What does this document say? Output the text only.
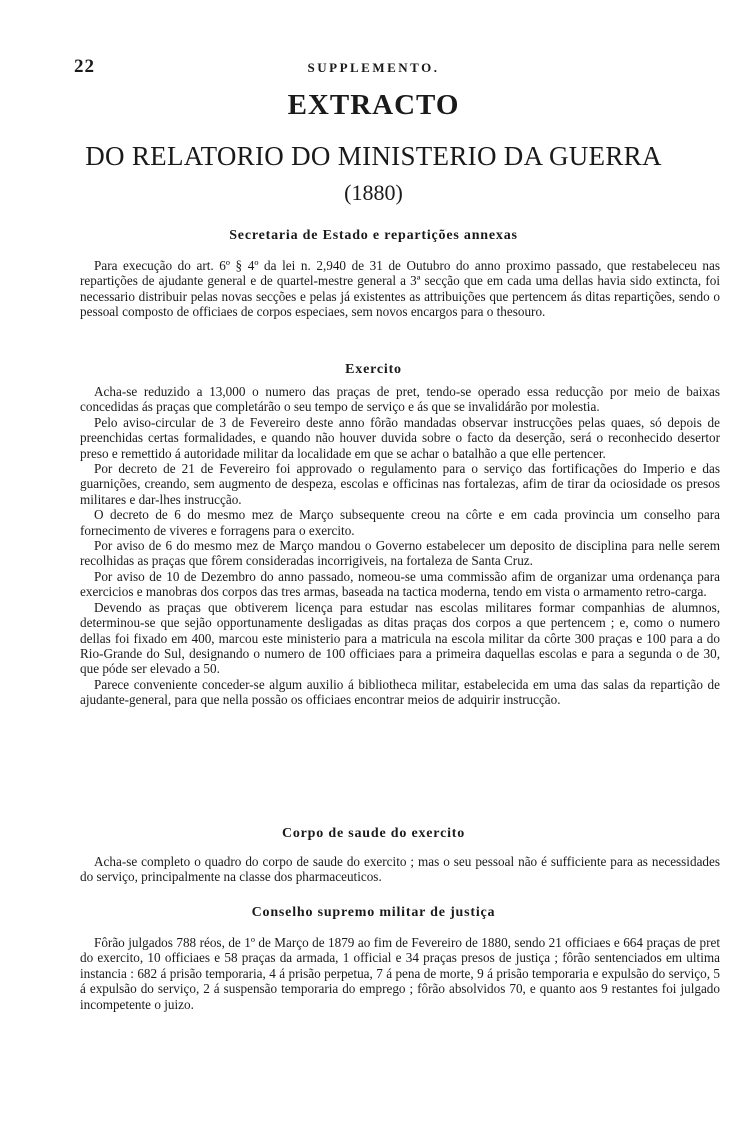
22	SUPPLEMENTO.
EXTRACTO
DO RELATORIO DO MINISTERIO DA GUERRA
(1880)
Secretaria de Estado e repartições annexas

Para execução do art. 6º § 4º da lei n. 2,940 de 31 de Outubro do anno proximo passado, que restabeleceu nas repartições de ajudante general e de quartel-mestre general a 3ª secção que em cada uma dellas havia sido extincta, foi necessario distribuir pelas novas secções e pelas já existentes as attribuições que pertencem ás ditas repartições, sendo o pessoal composto de officiaes de corpos especiaes, sem novos encargos para o thesouro.

Exercito

Acha-se reduzido a 13,000 o numero das praças de pret, tendo-se operado essa reducção por meio de baixas concedidas ás praças que completárão o seu tempo de serviço e ás que se invalidárão por molestia.

Pelo aviso-circular de 3 de Fevereiro deste anno fôrão mandadas observar instrucções pelas quaes, só depois de preenchidas certas formalidades, e quando não houver duvida sobre o facto da deserção, será o reconhecido desertor preso e remettido á autoridade militar da localidade em que se achar o batalhão a que elle pertencer.

Por decreto de 21 de Fevereiro foi approvado o regulamento para o serviço das fortificações do Imperio e das guarnições, creando, sem augmento de despeza, escolas e officinas nas fortalezas, afim de tirar da ociosidade os presos militares e dar-lhes instrucção.

O decreto de 6 do mesmo mez de Março subsequente creou na côrte e em cada provincia um conselho para fornecimento de viveres e forragens para o exercito.

Por aviso de 6 do mesmo mez de Março mandou o Governo estabelecer um deposito de disciplina para nelle serem recolhidas as praças que fôrem consideradas incorrigiveis, na fortaleza de Santa Cruz.

Por aviso de 10 de Dezembro do anno passado, nomeou-se uma commissão afim de organizar uma ordenança para exercicios e manobras dos corpos das tres armas, baseada na tactica moderna, tendo em vista o armamento retro-carga.

Devendo as praças que obtiverem licença para estudar nas escolas militares formar companhias de alumnos, determinou-se que sejão opportunamente desligadas as ditas praças dos corpos a que pertencem ; e, como o numero dellas foi fixado em 400, marcou este ministerio para a matricula na escola militar da côrte 300 praças e 100 para a do Rio-Grande do Sul, designando o numero de 100 officiaes para a primeira daquellas escolas e para a segunda o de 30, que póde ser elevado a 50.

Parece conveniente conceder-se algum auxilio á bibliotheca militar, estabelecida em uma das salas da repartição de ajudante-general, para que nella possão os officiaes encontrar meios de adquirir instrucção.

Corpo de saude do exercito

Acha-se completo o quadro do corpo de saude do exercito ; mas o seu pessoal não é sufficiente para as necessidades do serviço, principalmente na classe dos pharmaceuticos.

Conselho supremo militar de justiça

Fôrão julgados 788 réos, de 1º de Março de 1879 ao fim de Fevereiro de 1880, sendo 21 officiaes e 664 praças de pret do exercito, 10 officiaes e 58 praças da armada, 1 official e 34 praças presos de justiça ; fôrão sentenciados em ultima instancia : 682 á prisão temporaria, 4 á prisão perpetua, 7 á pena de morte, 9 á prisão temporaria e expulsão do serviço, 5 á expulsão do serviço, 2 á suspensão temporaria do emprego ; fôrão absolvidos 70, e quanto aos 9 restantes foi julgado incompetente o juizo.
